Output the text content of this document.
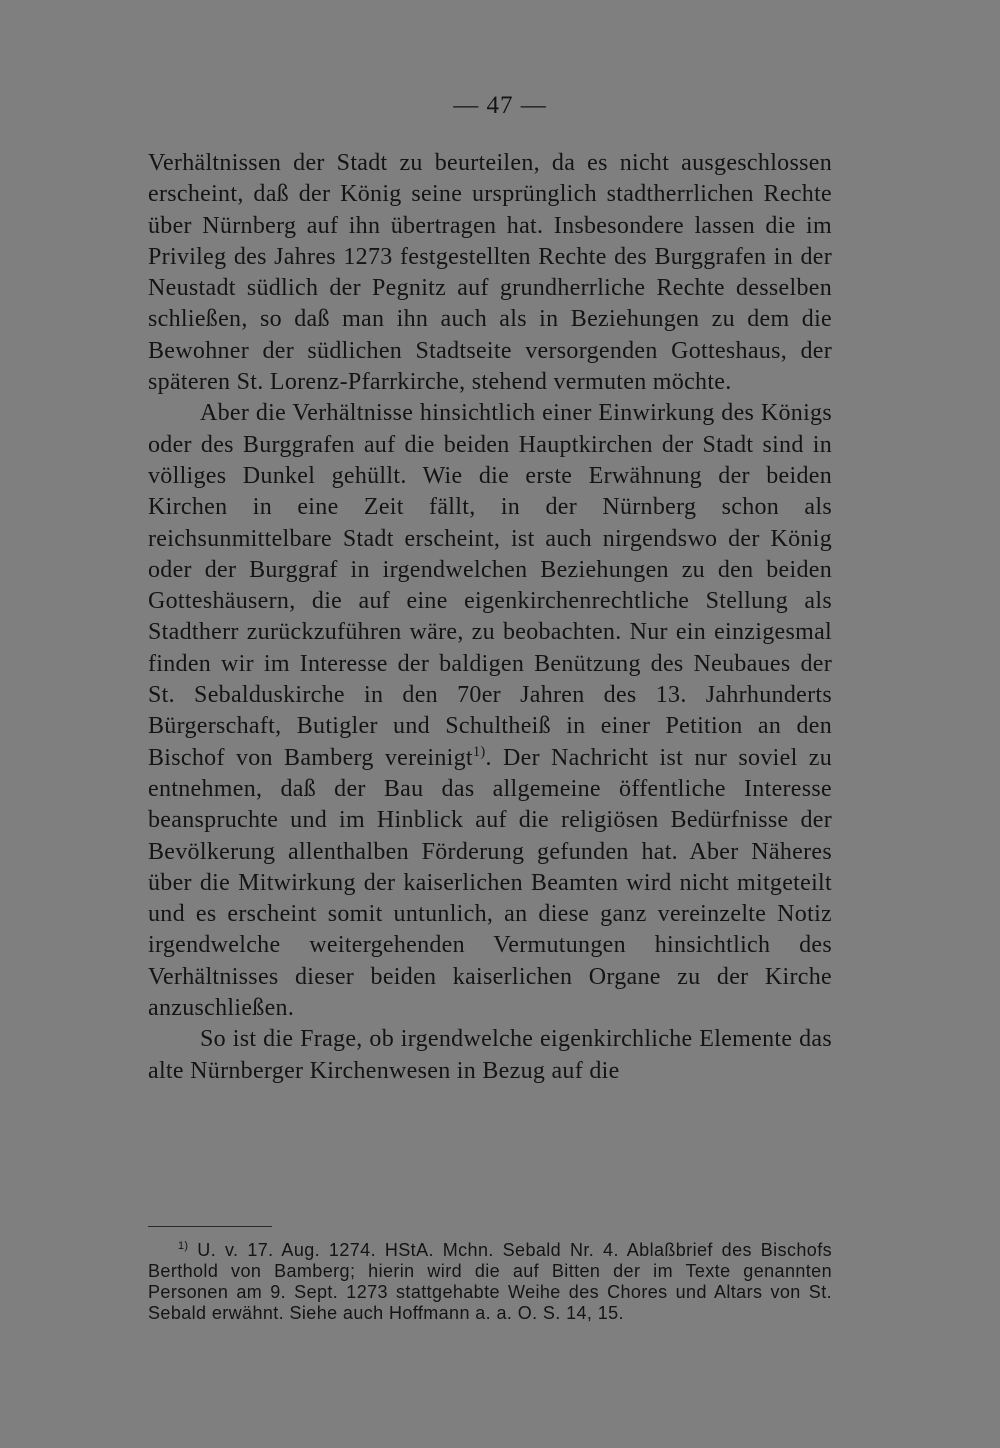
— 47 —

Verhältnissen der Stadt zu beurteilen, da es nicht ausgeschlossen erscheint, daß der König seine ursprünglich stadtherrlichen Rechte über Nürnberg auf ihn übertragen hat. Insbesondere lassen die im Privileg des Jahres 1273 festgestellten Rechte des Burggrafen in der Neustadt südlich der Pegnitz auf grundherrliche Rechte desselben schließen, so daß man ihn auch als in Beziehungen zu dem die Bewohner der südlichen Stadtseite versorgenden Gotteshaus, der späteren St. Lorenz-Pfarrkirche, stehend vermuten möchte.

Aber die Verhältnisse hinsichtlich einer Einwirkung des Königs oder des Burggrafen auf die beiden Hauptkirchen der Stadt sind in völliges Dunkel gehüllt. Wie die erste Erwähnung der beiden Kirchen in eine Zeit fällt, in der Nürnberg schon als reichsunmittelbare Stadt erscheint, ist auch nirgendswo der König oder der Burggraf in irgendwelchen Beziehungen zu den beiden Gotteshäusern, die auf eine eigenkirchenrechtliche Stellung als Stadtherr zurückzuführen wäre, zu beobachten. Nur ein einzigesmal finden wir im Interesse der baldigen Benützung des Neubaues der St. Sebalduskirche in den 70er Jahren des 13. Jahrhunderts Bürgerschaft, Butigler und Schultheiß in einer Petition an den Bischof von Bamberg vereinigt$^{1)}$. Der Nachricht ist nur soviel zu entnehmen, daß der Bau das allgemeine öffentliche Interesse beanspruchte und im Hinblick auf die religiösen Bedürfnisse der Bevölkerung allenthalben Förderung gefunden hat. Aber Näheres über die Mitwirkung der kaiserlichen Beamten wird nicht mitgeteilt und es erscheint somit untunlich, an diese ganz vereinzelte Notiz irgendwelche weitergehenden Vermutungen hinsichtlich des Verhältnisses dieser beiden kaiserlichen Organe zu der Kirche anzuschließen.

So ist die Frage, ob irgendwelche eigenkirchliche Elemente das alte Nürnberger Kirchenwesen in Bezug auf die

$^{1)}$ U. v. 17. Aug. 1274. HStA. Mchn. Sebald Nr. 4. Ablaßbrief des Bischofs Berthold von Bamberg; hierin wird die auf Bitten der im Texte genannten Personen am 9. Sept. 1273 stattgehabte Weihe des Chores und Altars von St. Sebald erwähnt. Siehe auch Hoffmann a. a. O. S. 14, 15.
